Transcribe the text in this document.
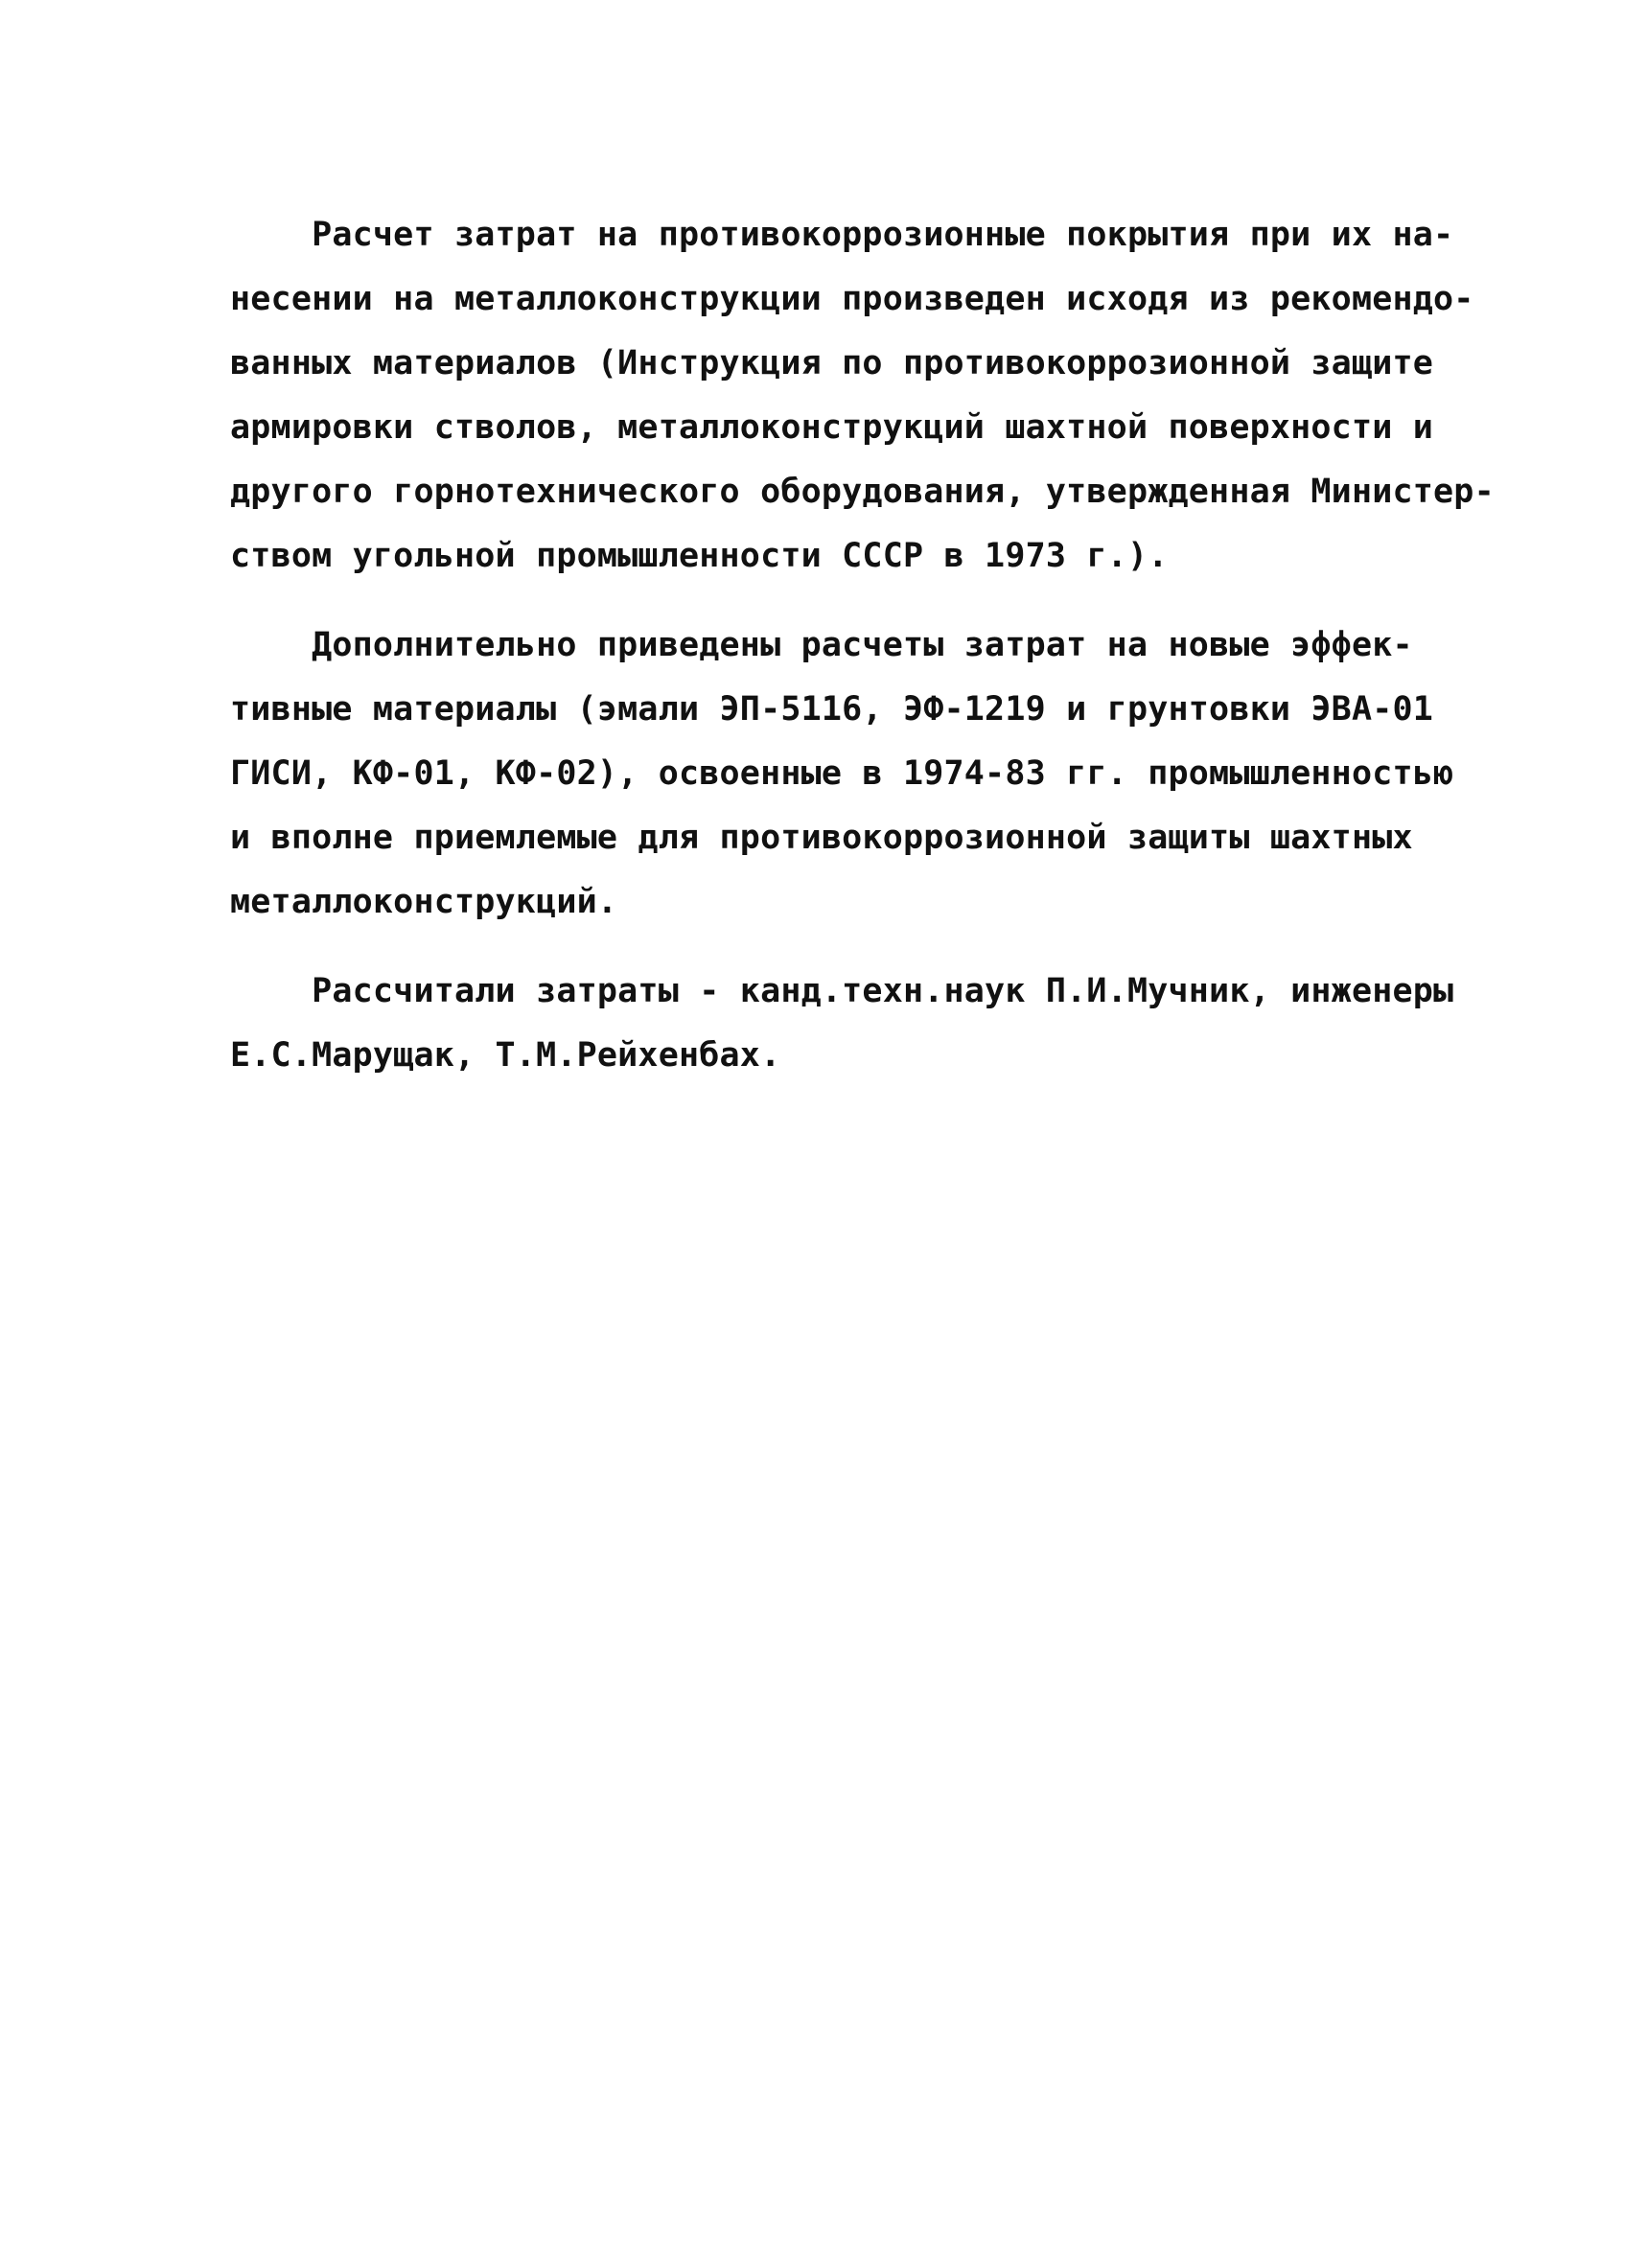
Расчет затрат на противокоррозионные покрытия при их на-
несении на металлоконструкции произведен исходя из рекомендо-
ванных материалов (Инструкция по противокоррозионной защите
армировки стволов, металлоконструкций шахтной поверхности и
другого горнотехнического оборудования, утвержденная Министер-
ством угольной промышленности СССР в 1973 г.).
Дополнительно приведены расчеты затрат на новые эффек-
тивные материалы (эмали ЭП-5116, ЭФ-1219 и грунтовки ЭВА-01
ГИСИ, КФ-01, КФ-02), освоенные в 1974-83 гг. промышленностью
и вполне приемлемые для противокоррозионной защиты шахтных
металлоконструкций.
Рассчитали затраты - канд.техн.наук П.И.Мучник, инженеры
Е.С.Марущак, Т.М.Рейхенбах.
